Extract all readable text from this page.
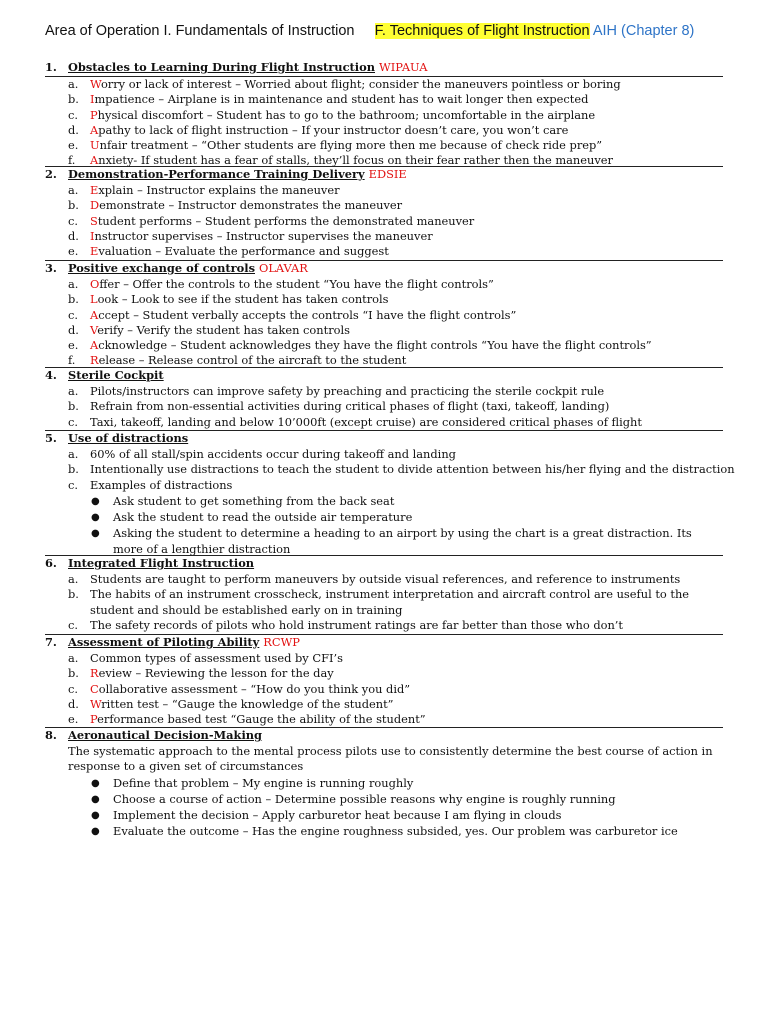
Area of Operation I. Fundamentals of Instruction F. Techniques of Flight Instruction AIH (Chapter 8)
1. Obstacles to Learning During Flight Instruction WIPAUA
a.	Worry or lack of interest – Worried about flight; consider the maneuvers pointless or boring
b. Impatience – Airplane is in maintenance and student has to wait longer then expected
c.	Physical discomfort – Student has to go to the bathroom; uncomfortable in the airplane
d. Apathy to lack of flight instruction – If your instructor doesn’t care, you won’t care
e.	Unfair treatment – “Other students are flying more then me because of check ride prep”
f.	Anxiety- If student has a fear of stalls, they’ll focus on their fear rather then the maneuver
2. Demonstration-Performance Training Delivery EDSIE
a.	Explain – Instructor explains the maneuver
b. Demonstrate – Instructor demonstrates the maneuver
c.	Student performs – Student performs the demonstrated maneuver
d. Instructor supervises – Instructor supervises the maneuver
e.	Evaluation – Evaluate the performance and suggest
3. Positive exchange of controls OLAVAR
a.	Offer – Offer the controls to the student “You have the flight controls”
b. Look – Look to see if the student has taken controls
c.	Accept – Student verbally accepts the controls “I have the flight controls”
d. Verify – Verify the student has taken controls
e.	Acknowledge – Student acknowledges they have the flight controls “You have the flight controls”
f.	Release – Release control of the aircraft to the student
4. Sterile Cockpit
a.	Pilots/instructors can improve safety by preaching and practicing the sterile cockpit rule
b. Refrain from non-essential activities during critical phases of flight (taxi, takeoff, landing)
c.	Taxi, takeoff, landing and below 10’000ft (except cruise) are considered critical phases of flight
5. Use of distractions
a.	60% of all stall/spin accidents occur during takeoff and landing
b. Intentionally use distractions to teach the student to divide attention between his/her flying and the distraction
c.	Examples of distractions
● Ask student to get something from the back seat
● Ask the student to read the outside air temperature
● Asking the student to determine a heading to an airport by using the chart is a great distraction. Its more of a lengthier distraction
6. Integrated Flight Instruction
a.	Students are taught to perform maneuvers by outside visual references, and reference to instruments
b. The habits of an instrument crosscheck, instrument interpretation and aircraft control are useful to the student and should be established early on in training
c.	The safety records of pilots who hold instrument ratings are far better than those who don’t
7. Assessment of Piloting Ability RCWP
a.	Common types of assessment used by CFI’s
b. Review – Reviewing the lesson for the day
c.	Collaborative assessment – “How do you think you did”
d. Written test – “Gauge the knowledge of the student”
e.	Performance based test “Gauge the ability of the student”
8. Aeronautical Decision-Making
The systematic approach to the mental process pilots use to consistently determine the best course of action in response to a given set of circumstances
● Define that problem – My engine is running roughly
● Choose a course of action – Determine possible reasons why engine is roughly running
● Implement the decision – Apply carburetor heat because I am flying in clouds
● Evaluate the outcome – Has the engine roughness subsided, yes. Our problem was carburetor ice
